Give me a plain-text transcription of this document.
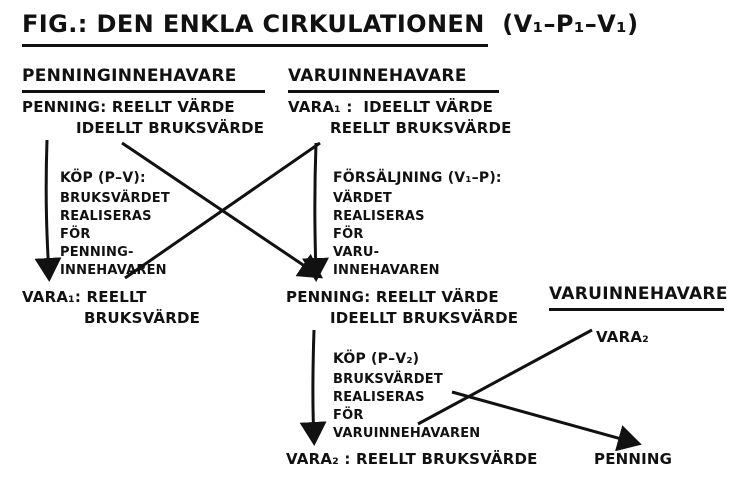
FIG.: DEN ENKLA CIRKULATIONEN  (V₁–P₁–V₁)
PENNINGINNEHAVARE	VARUINNEHAVARE
VARUINNEHAVARE
PENNING: REELLT VÄRDE
IDEELLT BRUKSVÄRDE
VARA₁ :  IDEELLT VÄRDE
REELLT BRUKSVÄRDE
KÖP (P–V):
BRUKSVÄRDET
REALISERAS
FÖR
PENNING-
INNEHAVAREN
FÖRSÄLJNING (V₁–P):
VÄRDET
REALISERAS
FÖR
VARU-
INNEHAVAREN
VARA₁: REELLT
BRUKSVÄRDE
PENNING: REELLT VÄRDE
IDEELLT BRUKSVÄRDE
VARA₂
KÖP (P–V₂)
BRUKSVÄRDET
REALISERAS
FÖR
VARUINNEHAVAREN
VARA₂ : REELLT BRUKSVÄRDE	PENNING
